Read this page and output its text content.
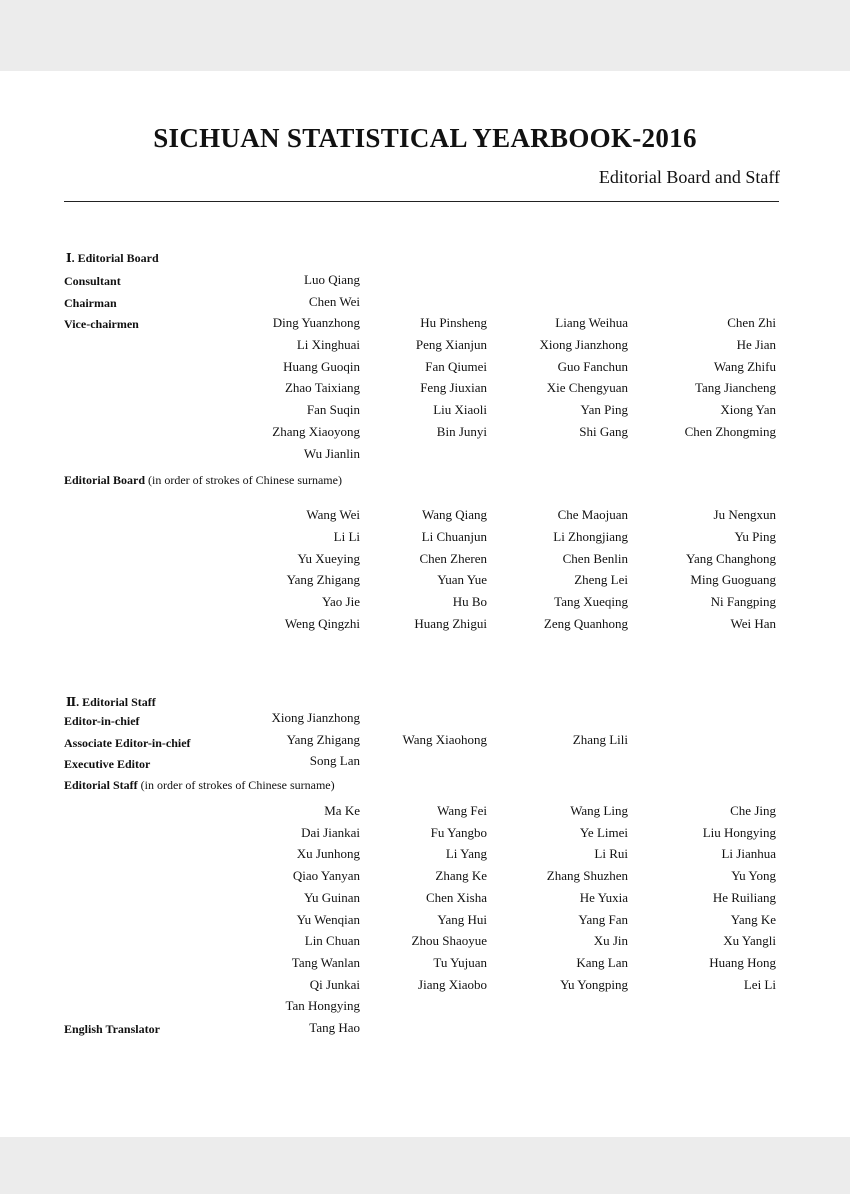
SICHUAN STATISTICAL YEARBOOK-2016
Editorial Board and Staff
Ⅰ. Editorial Board
Consultant	Luo Qiang
Chairman	Chen Wei
Vice-chairmen	Ding Yuanzhong	Hu Pinsheng	Liang Weihua	Chen Zhi
Li Xinghuai	Peng Xianjun	Xiong Jianzhong	He Jian
Huang Guoqin	Fan Qiumei	Guo Fanchun	Wang Zhifu
Zhao Taixiang	Feng Jiuxian	Xie Chengyuan	Tang Jiancheng
Fan Suqin	Liu Xiaoli	Yan Ping	Xiong Yan
Zhang Xiaoyong	Bin Junyi	Shi Gang	Chen Zhongming
Wu Jianlin
Editorial Board (in order of strokes of Chinese surname)
Wang Wei	Wang Qiang	Che Maojuan	Ju Nengxun
Li Li	Li Chuanjun	Li Zhongjiang	Yu Ping
Yu Xueying	Chen Zheren	Chen Benlin	Yang Changhong
Yang Zhigang	Yuan Yue	Zheng Lei	Ming Guoguang
Yao Jie	Hu Bo	Tang Xueqing	Ni Fangping
Weng Qingzhi	Huang Zhigui	Zeng Quanhong	Wei Han
Ⅱ. Editorial Staff
Editor-in-chief	Xiong Jianzhong
Associate Editor-in-chief	Yang Zhigang	Wang Xiaohong	Zhang Lili
Executive Editor	Song Lan
Editorial Staff (in order of strokes of Chinese surname)
Ma Ke	Wang Fei	Wang Ling	Che Jing
Dai Jiankai	Fu Yangbo	Ye Limei	Liu Hongying
Xu Junhong	Li Yang	Li Rui	Li Jianhua
Qiao Yanyan	Zhang Ke	Zhang Shuzhen	Yu Yong
Yu Guinan	Chen Xisha	He Yuxia	He Ruiliang
Yu Wenqian	Yang Hui	Yang Fan	Yang Ke
Lin Chuan	Zhou Shaoyue	Xu Jin	Xu Yangli
Tang Wanlan	Tu Yujuan	Kang Lan	Huang Hong
Qi Junkai	Jiang Xiaobo	Yu Yongping	Lei Li
Tan Hongying
English Translator	Tang Hao
